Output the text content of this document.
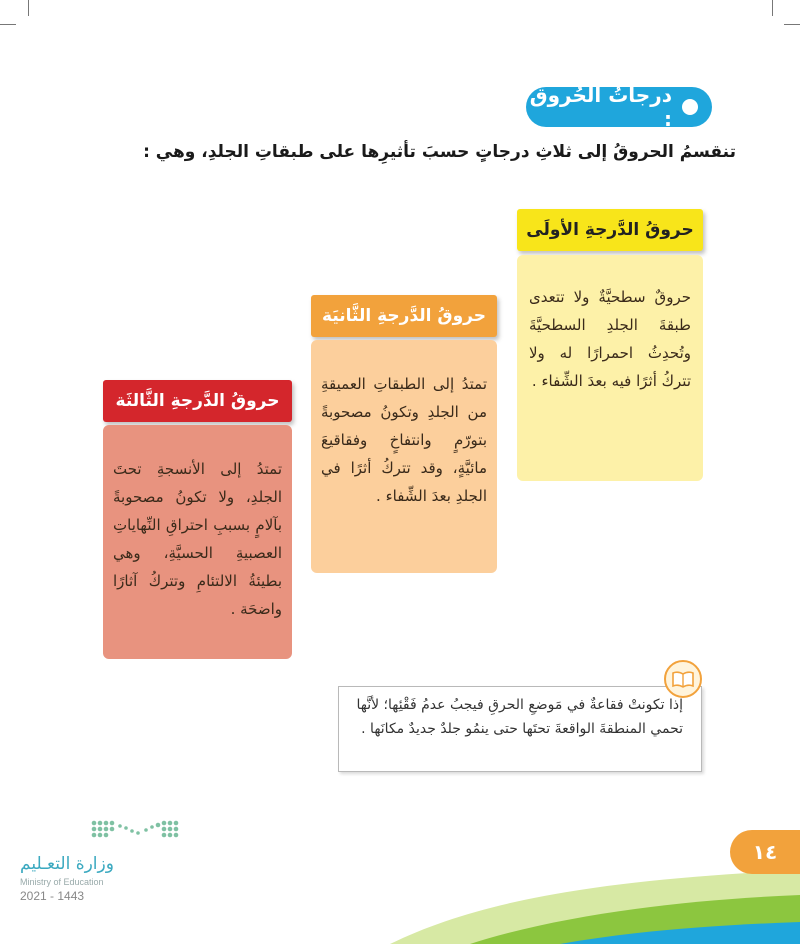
درجاتُ الحُروق :
تنقسمُ الحروقُ إلى ثلاثِ درجاتٍ حسبَ تأثيرِها على طبقاتِ الجلدِ، وهي :
حروقُ الدَّرجةِ الأولَى
حروقٌ سطحيَّةٌ ولا تتعدى طبقةَ الجلدِ السطحيَّةَ وتُحدِثُ احمرارًا له ولا تتركُ أثرًا فيه بعدَ الشِّفاء .
حروقُ الدَّرجةِ الثَّانيَة
تمتدُ إلى الطبقاتِ العميقةِ من الجلدِ وتكونُ مصحوبةً بتورّمٍ وانتفاخٍ وفقاقيعَ مائيَّةٍ، وقد تتركُ أثرًا في الجلدِ بعدَ الشِّفاء .
حروقُ الدَّرجةِ الثَّالثَة
تمتدُ إلى الأنسجةِ تحتَ الجلدِ، ولا تكونُ مصحوبةً بآلامٍ بسببِ احتراقِ النِّهاياتِ العصبيةِ الحسيَّةِ، وهي بطيئةُ الالتئامِ وتتركُ آثارًا واضحَة .
إذا تكونتْ فقاعةٌ في مَوضعِ الحرقِ فيجبُ عدمُ فَقْئِها؛ لأنَّها تحمي المنطقةَ الواقعةَ تحتَها حتى ينمُو جلدٌ جديدٌ مكانَها .
وزارة التعـليم
Ministry of Education
2021 - 1443
١٤
